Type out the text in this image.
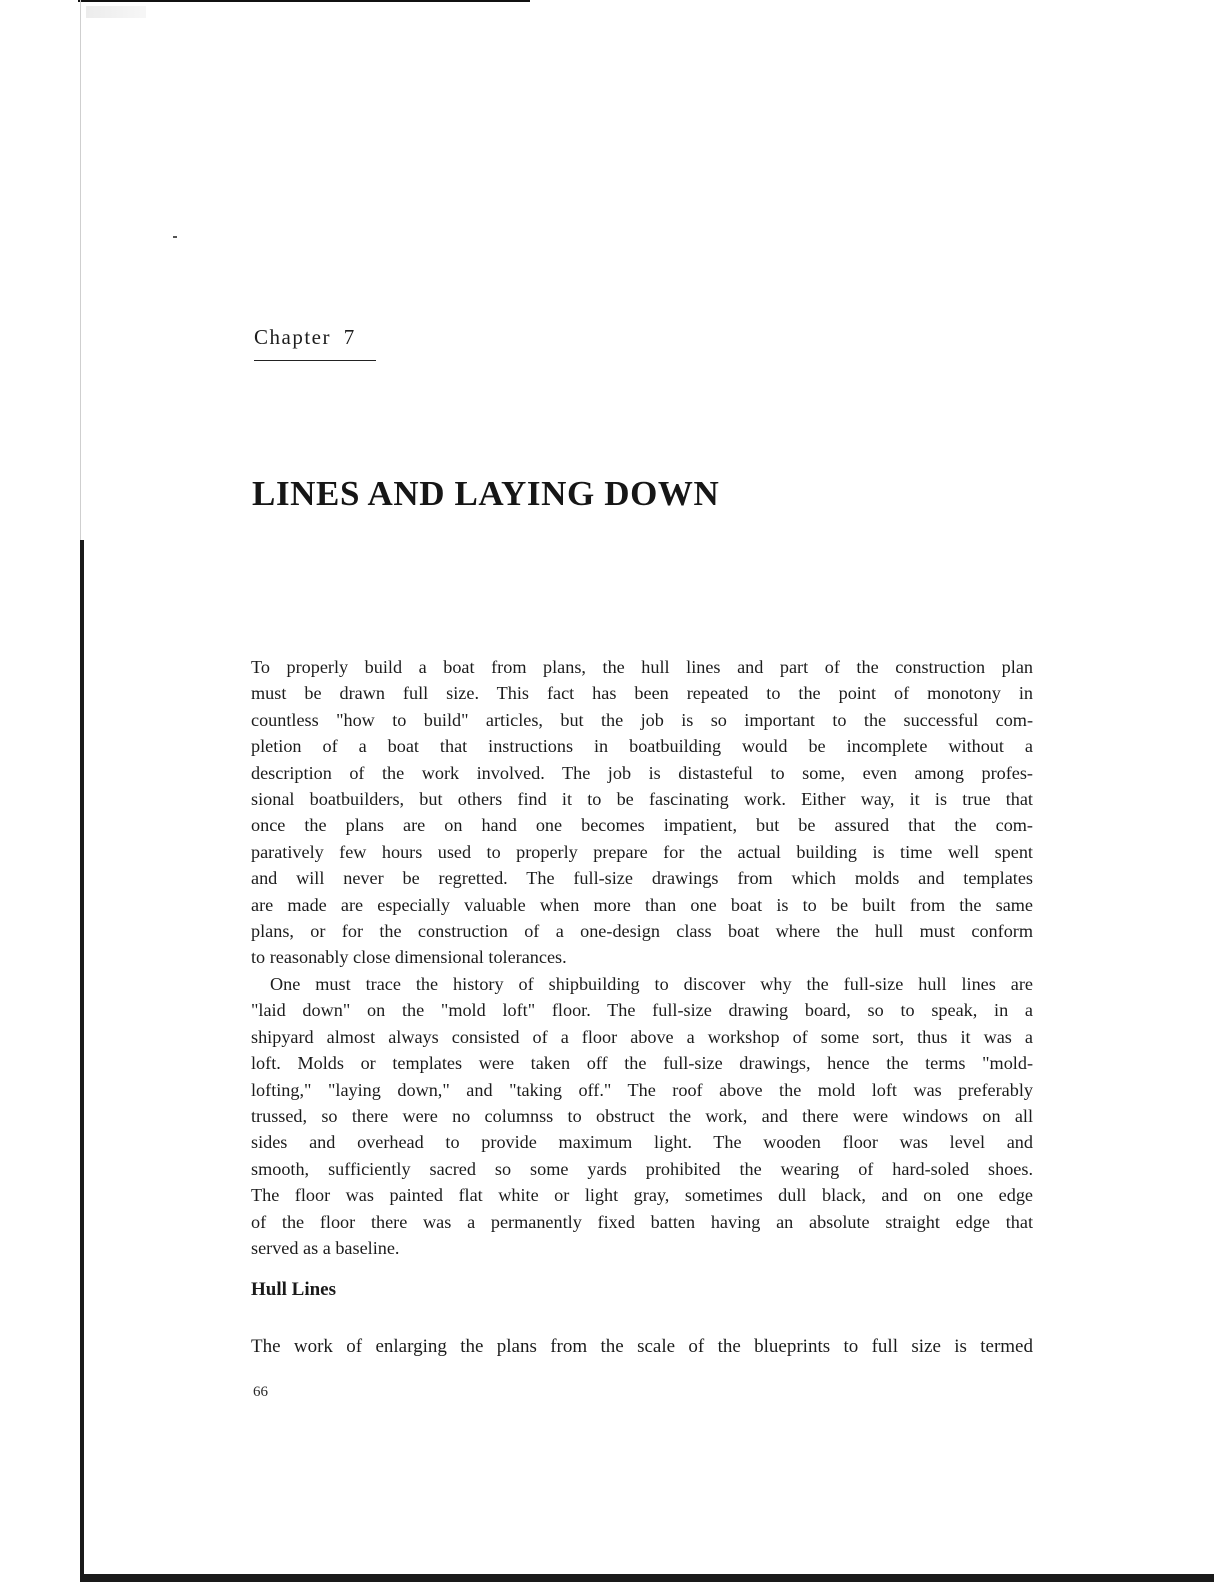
Chapter 7
LINES AND LAYING DOWN
To properly build a boat from plans, the hull lines and part of the construction plan
must be drawn full size. This fact has been repeated to the point of monotony in
countless "how to build" articles, but the job is so important to the successful com-
pletion of a boat that instructions in boatbuilding would be incomplete without a
description of the work involved. The job is distasteful to some, even among profes-
sional boatbuilders, but others find it to be fascinating work. Either way, it is true that
once the plans are on hand one becomes impatient, but be assured that the com-
paratively few hours used to properly prepare for the actual building is time well spent
and will never be regretted. The full-size drawings from which molds and templates
are made are especially valuable when more than one boat is to be built from the same
plans, or for the construction of a one-design class boat where the hull must conform
to reasonably close dimensional tolerances.
One must trace the history of shipbuilding to discover why the full-size hull lines are
"laid down" on the "mold loft" floor. The full-size drawing board, so to speak, in a
shipyard almost always consisted of a floor above a workshop of some sort, thus it was a
loft. Molds or templates were taken off the full-size drawings, hence the terms "mold-
lofting," "laying down," and "taking off." The roof above the mold loft was preferably
trussed, so there were no columnss to obstruct the work, and there were windows on all
sides and overhead to provide maximum light. The wooden floor was level and
smooth, sufficiently sacred so some yards prohibited the wearing of hard-soled shoes.
The floor was painted flat white or light gray, sometimes dull black, and on one edge
of the floor there was a permanently fixed batten having an absolute straight edge that
served as a baseline.
Hull Lines
The work of enlarging the plans from the scale of the blueprints to full size is termed
66
